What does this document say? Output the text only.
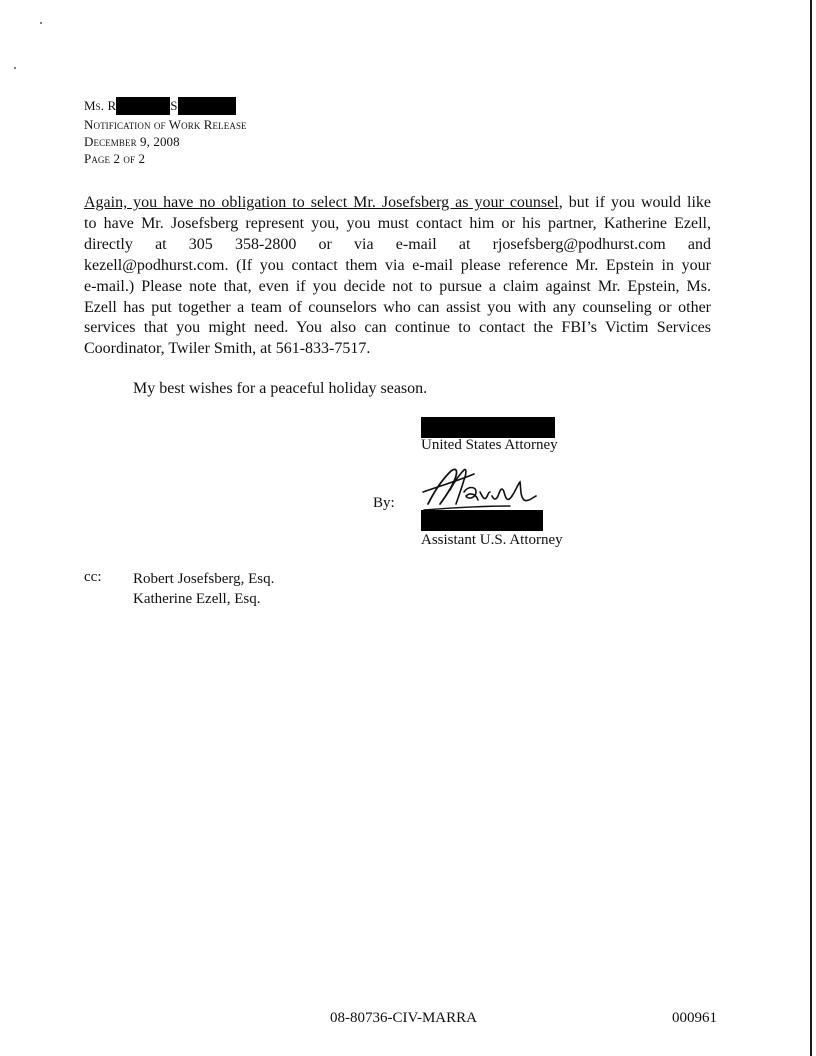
Ms. R	S
Notification of Work Release
December 9, 2008
Page 2 of 2
Again, you have no obligation to select Mr. Josefsberg as your counsel, but if you would like
to have Mr. Josefsberg represent you, you must contact him or his partner, Katherine Ezell,
directly at 305 358-2800 or via e-mail at rjosefsberg@podhurst.com and
kezell@podhurst.com. (If you contact them via e-mail please reference Mr. Epstein in your
e-mail.) Please note that, even if you decide not to pursue a claim against Mr. Epstein, Ms.
Ezell has put together a team of counselors who can assist you with any counseling or other
services that you might need. You also can continue to contact the FBI’s Victim Services
Coordinator, Twiler Smith, at 561-833-7517.
My best wishes for a peaceful holiday season.
United States Attorney
By:
Assistant U.S. Attorney
cc: Robert Josefsberg, Esq.
Katherine Ezell, Esq.
08-80736-CIV-MARRA	000961
